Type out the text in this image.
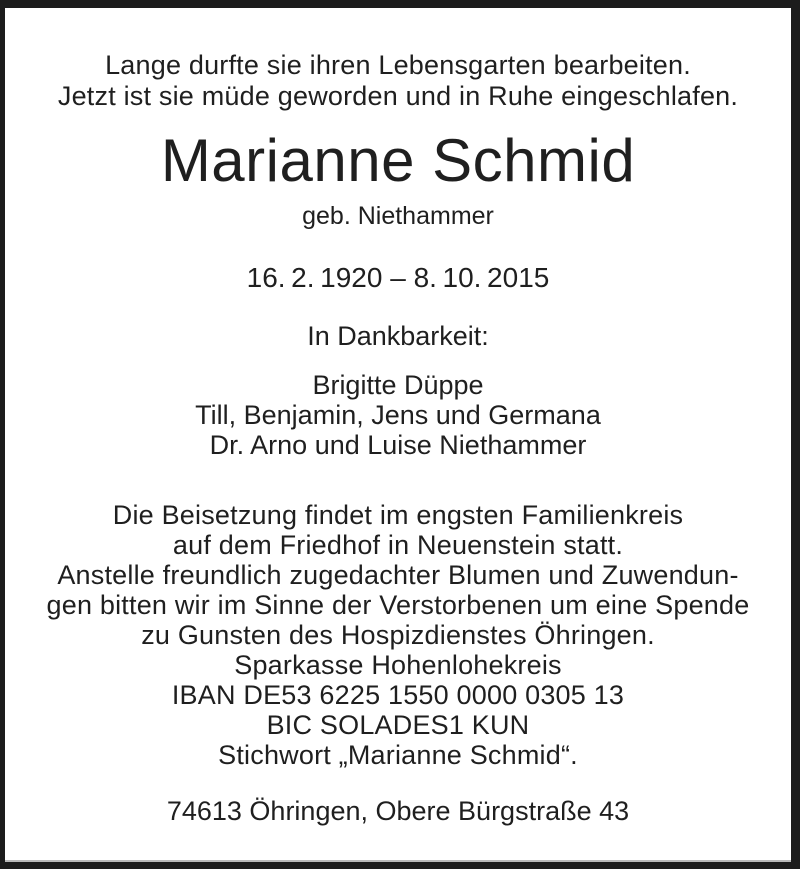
Lange durfte sie ihren Lebensgarten bearbeiten.
Jetzt ist sie müde geworden und in Ruhe eingeschlafen.
Marianne Schmid
geb. Niethammer
16. 2. 1920 – 8. 10. 2015
In Dankbarkeit:
Brigitte Düppe
Till, Benjamin, Jens und Germana
Dr. Arno und Luise Niethammer
Die Beisetzung findet im engsten Familienkreis
auf dem Friedhof in Neuenstein statt.
Anstelle freundlich zugedachter Blumen und Zuwendun-
gen bitten wir im Sinne der Verstorbenen um eine Spende
zu Gunsten des Hospizdienstes Öhringen.
Sparkasse Hohenlohekreis
IBAN DE53 6225 1550 0000 0305 13
BIC SOLADES1 KUN
Stichwort „Marianne Schmid“.
74613 Öhringen, Obere Bürgstraße 43
